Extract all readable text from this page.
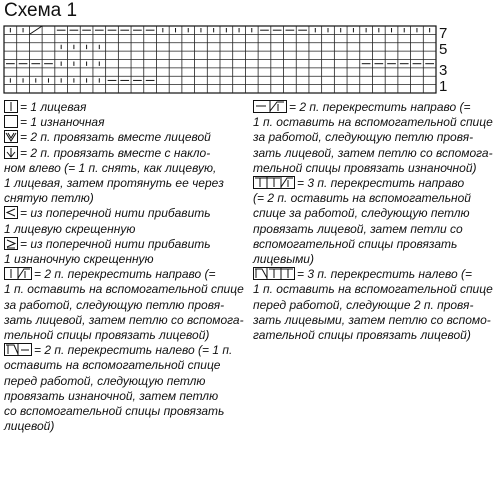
Схема 1
7
5
3
1
= 1 лицевая
= 1 изнаночная
= 2 п. провязать вместе лицевой
= 2 п. провязать вместе с накло-
ном влево (= 1 п. снять, как лицевую,
1 лицевая, затем протянуть ее через
снятую петлю)
= из поперечной нити прибавить
1 лицевую скрещенную
= из поперечной нити прибавить
1 изнаночную скрещенную
= 2 п. перекрестить направо (=
1 п. оставить на вспомогательной спице
за работой, следующую петлю провя-
зать лицевой, затем петлю со вспомога-
тельной спицы провязать лицевой)
= 2 п. перекрестить налево (= 1 п.
оставить на вспомогательной спице
перед работой, следующую петлю
провязать изнаночной, затем петлю
со вспомогательной спицы провязать
лицевой)
= 2 п. перекрестить направо (=
1 п. оставить на вспомогательной спице
за работой, следующую петлю провя-
зать лицевой, затем петлю со вспомога-
тельной спицы провязать изнаночной)
= 3 п. перекрестить направо
(= 2 п. оставить на вспомогательной
спице за работой, следующую петлю
провязать лицевой, затем петли со
вспомогательной спицы провязать
лицевыми)
= 3 п. перекрестить налево (=
1 п. оставить на вспомогательной спице
перед работой, следующие 2 п. провя-
зать лицевыми, затем петлю со вспомо-
гательной спицы провязать лицевой)
